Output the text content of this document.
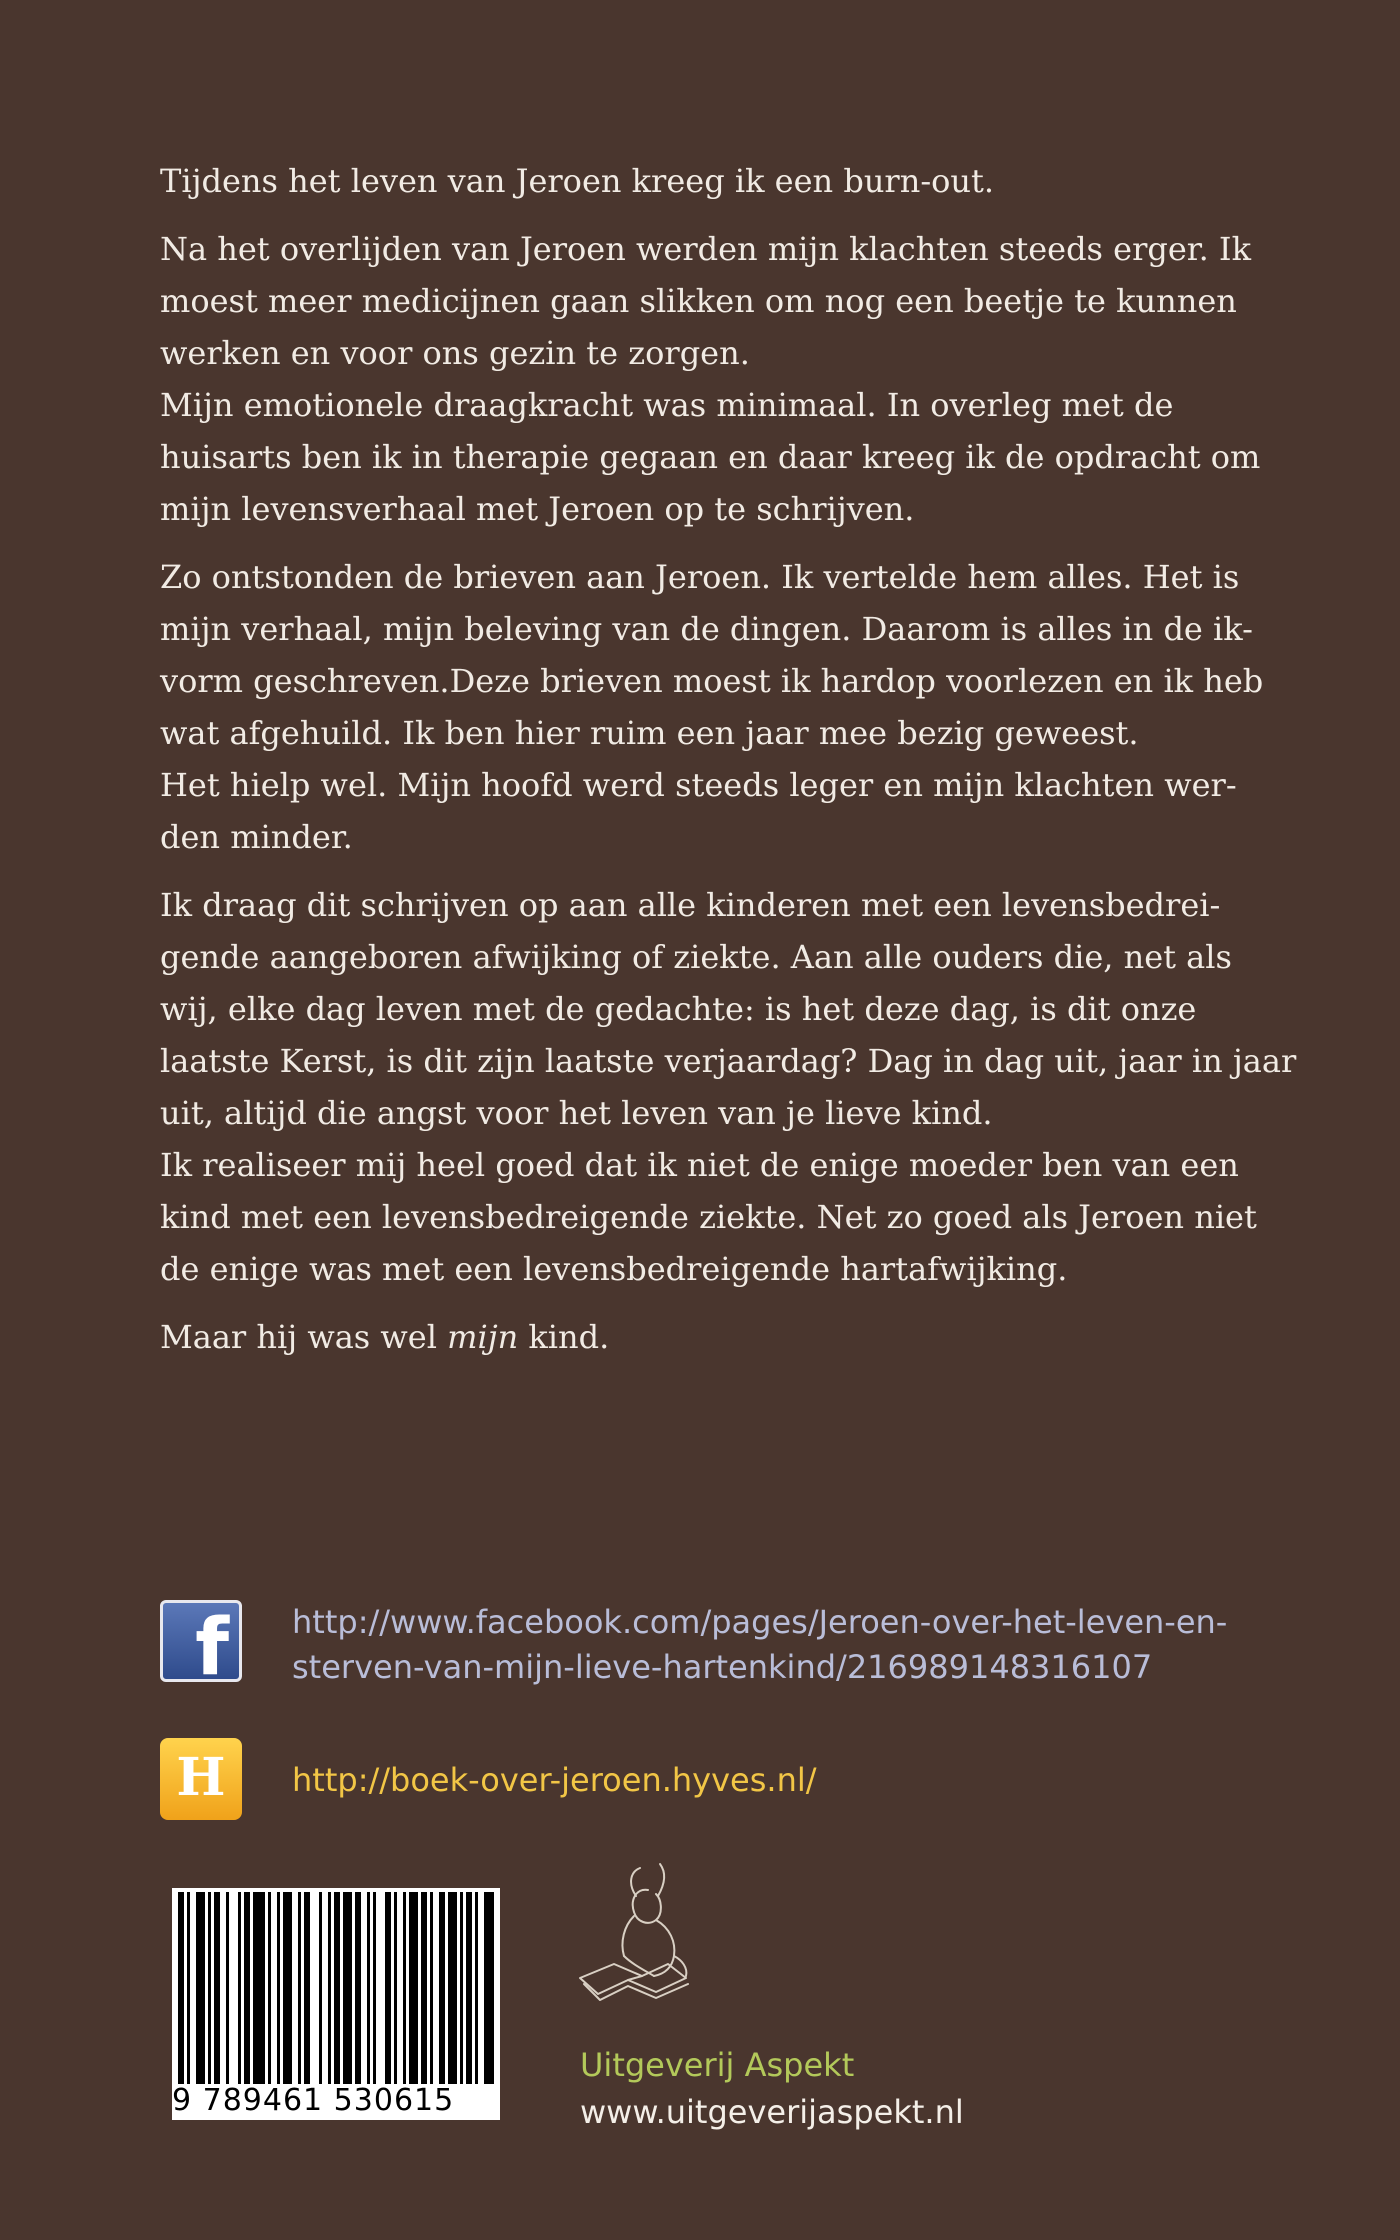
Tijdens het leven van Jeroen kreeg ik een burn-out.

Na het overlijden van Jeroen werden mijn klachten steeds erger. Ik
moest meer medicijnen gaan slikken om nog een beetje te kunnen
werken en voor ons gezin te zorgen.
Mijn emotionele draagkracht was minimaal. In overleg met de
huisarts ben ik in therapie gegaan en daar kreeg ik de opdracht om
mijn levensverhaal met Jeroen op te schrijven.

Zo ontstonden de brieven aan Jeroen. Ik vertelde hem alles. Het is
mijn verhaal, mijn beleving van de dingen. Daarom is alles in de ik-
vorm geschreven.Deze brieven moest ik hardop voorlezen en ik heb
wat afgehuild. Ik ben hier ruim een jaar mee bezig geweest.
Het hielp wel. Mijn hoofd werd steeds leger en mijn klachten wer-
den minder.

Ik draag dit schrijven op aan alle kinderen met een levensbedrei-
gende aangeboren afwijking of ziekte. Aan alle ouders die, net als
wij, elke dag leven met de gedachte: is het deze dag, is dit onze
laatste Kerst, is dit zijn laatste verjaardag? Dag in dag uit, jaar in jaar
uit, altijd die angst voor het leven van je lieve kind.
Ik realiseer mij heel goed dat ik niet de enige moeder ben van een
kind met een levensbedreigende ziekte. Net zo goed als Jeroen niet
de enige was met een levensbedreigende hartafwijking.

Maar hij was wel mijn kind.

f http://www.facebook.com/pages/Jeroen-over-het-leven-en-
sterven-van-mijn-lieve-hartenkind/216989148316107
H	http://boek-over-jeroen.hyves.nl/
9 789461 530615
Uitgeverij Aspekt
www.uitgeverijaspekt.nl
